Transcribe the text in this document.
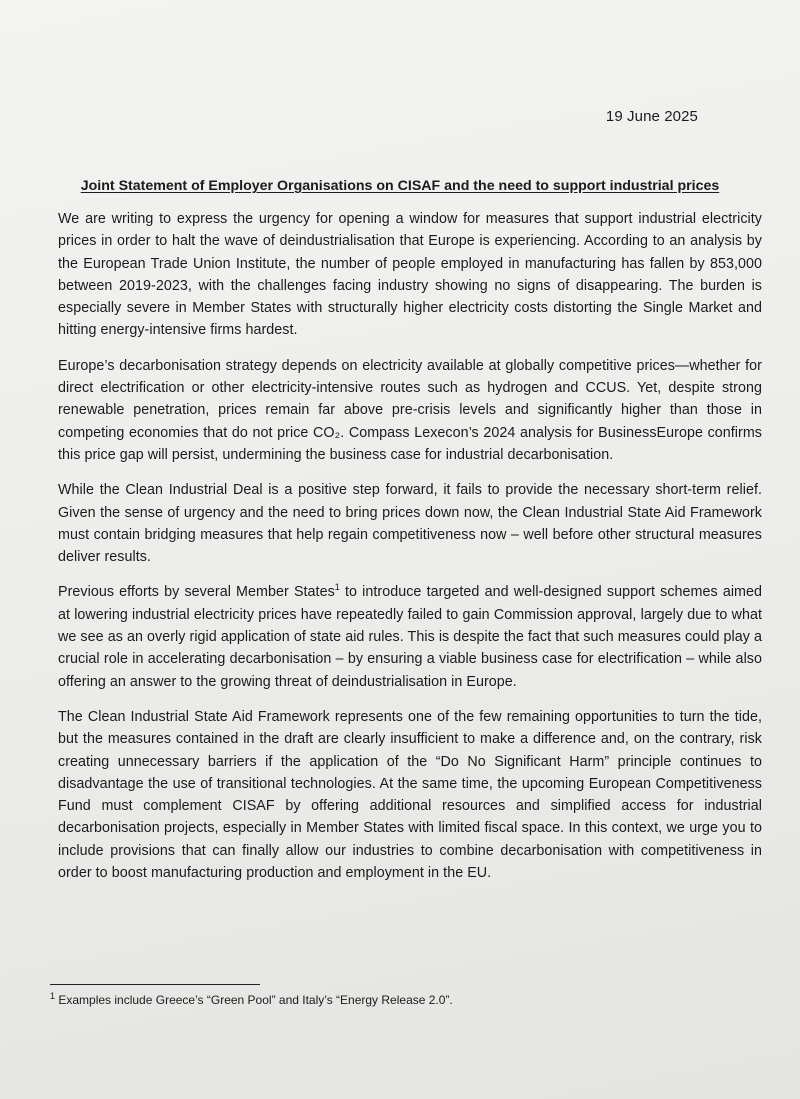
19 June 2025
Joint Statement of Employer Organisations on CISAF and the need to support industrial prices

We are writing to express the urgency for opening a window for measures that support industrial electricity prices in order to halt the wave of deindustrialisation that Europe is experiencing. According to an analysis by the European Trade Union Institute, the number of people employed in manufacturing has fallen by 853,000 between 2019-2023, with the challenges facing industry showing no signs of disappearing. The burden is especially severe in Member States with structurally higher electricity costs distorting the Single Market and hitting energy-intensive firms hardest.

Europe’s decarbonisation strategy depends on electricity available at globally competitive prices—whether for direct electrification or other electricity-intensive routes such as hydrogen and CCUS. Yet, despite strong renewable penetration, prices remain far above pre-crisis levels and significantly higher than those in competing economies that do not price CO₂. Compass Lexecon’s 2024 analysis for BusinessEurope confirms this price gap will persist, undermining the business case for industrial decarbonisation.

While the Clean Industrial Deal is a positive step forward, it fails to provide the necessary short-term relief. Given the sense of urgency and the need to bring prices down now, the Clean Industrial State Aid Framework must contain bridging measures that help regain competitiveness now – well before other structural measures deliver results.

Previous efforts by several Member States$^1$ to introduce targeted and well-designed support schemes aimed at lowering industrial electricity prices have repeatedly failed to gain Commission approval, largely due to what we see as an overly rigid application of state aid rules. This is despite the fact that such measures could play a crucial role in accelerating decarbonisation – by ensuring a viable business case for electrification – while also offering an answer to the growing threat of deindustrialisation in Europe.

The Clean Industrial State Aid Framework represents one of the few remaining opportunities to turn the tide, but the measures contained in the draft are clearly insufficient to make a difference and, on the contrary, risk creating unnecessary barriers if the application of the “Do No Significant Harm” principle continues to disadvantage the use of transitional technologies. At the same time, the upcoming European Competitiveness Fund must complement CISAF by offering additional resources and simplified access for industrial decarbonisation projects, especially in Member States with limited fiscal space. In this context, we urge you to include provisions that can finally allow our industries to combine decarbonisation with competitiveness in order to boost manufacturing production and employment in the EU.

$^1$ Examples include Greece’s “Green Pool” and Italy’s “Energy Release 2.0”.
